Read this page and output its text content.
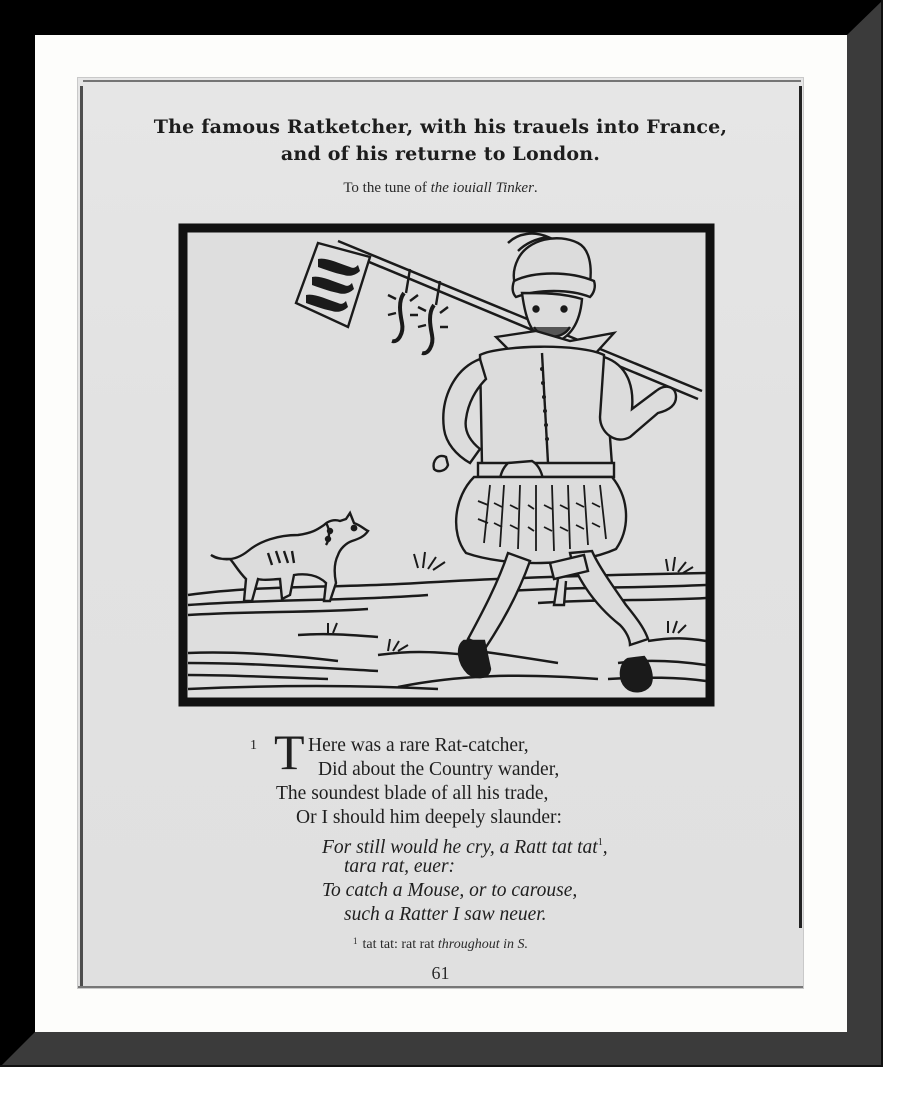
The famous Ratketcher, with his trauels into France,
and of his returne to London.
To the tune of the iouiall Tinker.
1 T Here was a rare Rat-catcher,
Did about the Country wander,
The soundest blade of all his trade,
Or I should him deepely slaunder:
For still would he cry, a Ratt tat tat$^1$,
tara rat, euer:
To catch a Mouse, or to carouse,
such a Ratter I saw neuer.
$^1$ tat tat: rat rat throughout in S.
61
